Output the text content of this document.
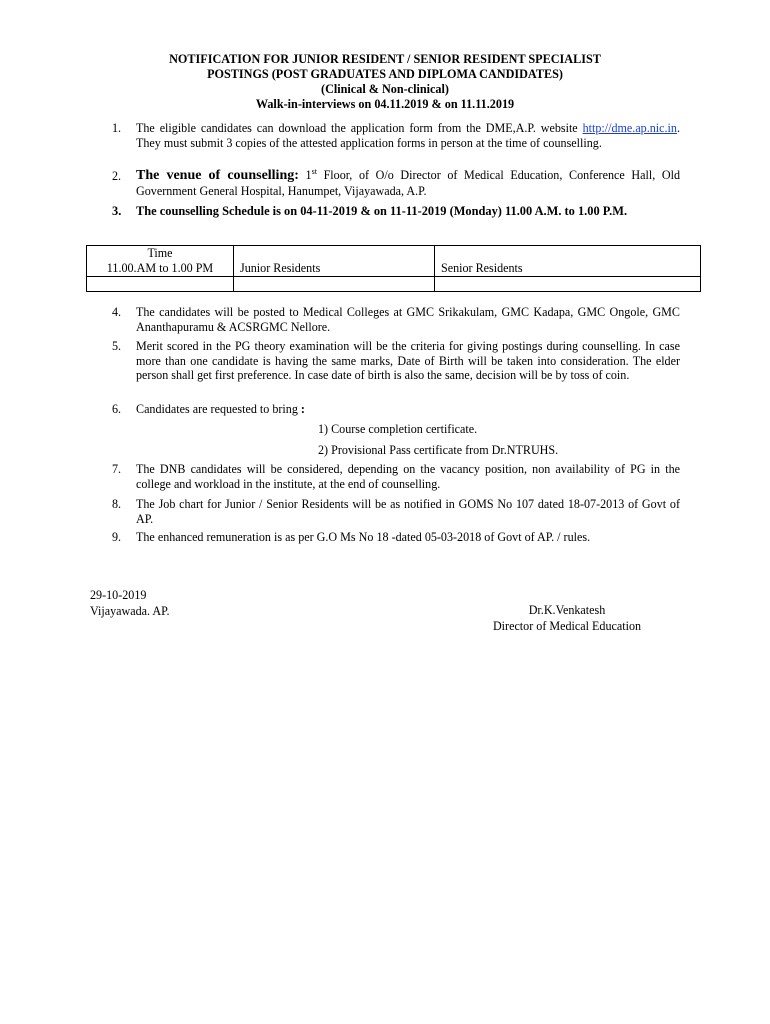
NOTIFICATION FOR JUNIOR RESIDENT / SENIOR RESIDENT SPECIALIST
POSTINGS (POST GRADUATES AND DIPLOMA CANDIDATES)
(Clinical & Non-clinical)
Walk-in-interviews on 04.11.2019 & on 11.11.2019
1. The eligible candidates can download the application form from the DME,A.P. website http://dme.ap.nic.in. They must submit 3 copies of the attested application forms in person at the time of counselling.
2. The venue of counselling: 1st Floor, of O/o Director of Medical Education, Conference Hall, Old Government General Hospital, Hanumpet, Vijayawada, A.P.
3. The counselling Schedule is on 04-11-2019 & on 11-11-2019 (Monday) 11.00 A.M. to 1.00 P.M.
Time
11.00.AM to 1.00 PM	Junior Residents	Senior Residents

4. The candidates will be posted to Medical Colleges at GMC Srikakulam, GMC Kadapa, GMC Ongole, GMC Ananthapuramu & ACSRGMC Nellore.
5. Merit scored in the PG theory examination will be the criteria for giving postings during counselling. In case more than one candidate is having the same marks, Date of Birth will be taken into consideration. The elder person shall get first preference. In case date of birth is also the same, decision will be by toss of coin.
6. Candidates are requested to bring :
1) Course completion certificate.
2) Provisional Pass certificate from Dr.NTRUHS.
7. The DNB candidates will be considered, depending on the vacancy position, non availability of PG in the college and workload in the institute, at the end of counselling.
8. The Job chart for Junior / Senior Residents will be as notified in GOMS No 107 dated 18-07-2013 of Govt of AP.
9. The enhanced remuneration is as per G.O Ms No 18 -dated 05-03-2018 of Govt of AP. / rules.
29-10-2019
Vijayawada. AP.	Dr.K.Venkatesh
Director of Medical Education
